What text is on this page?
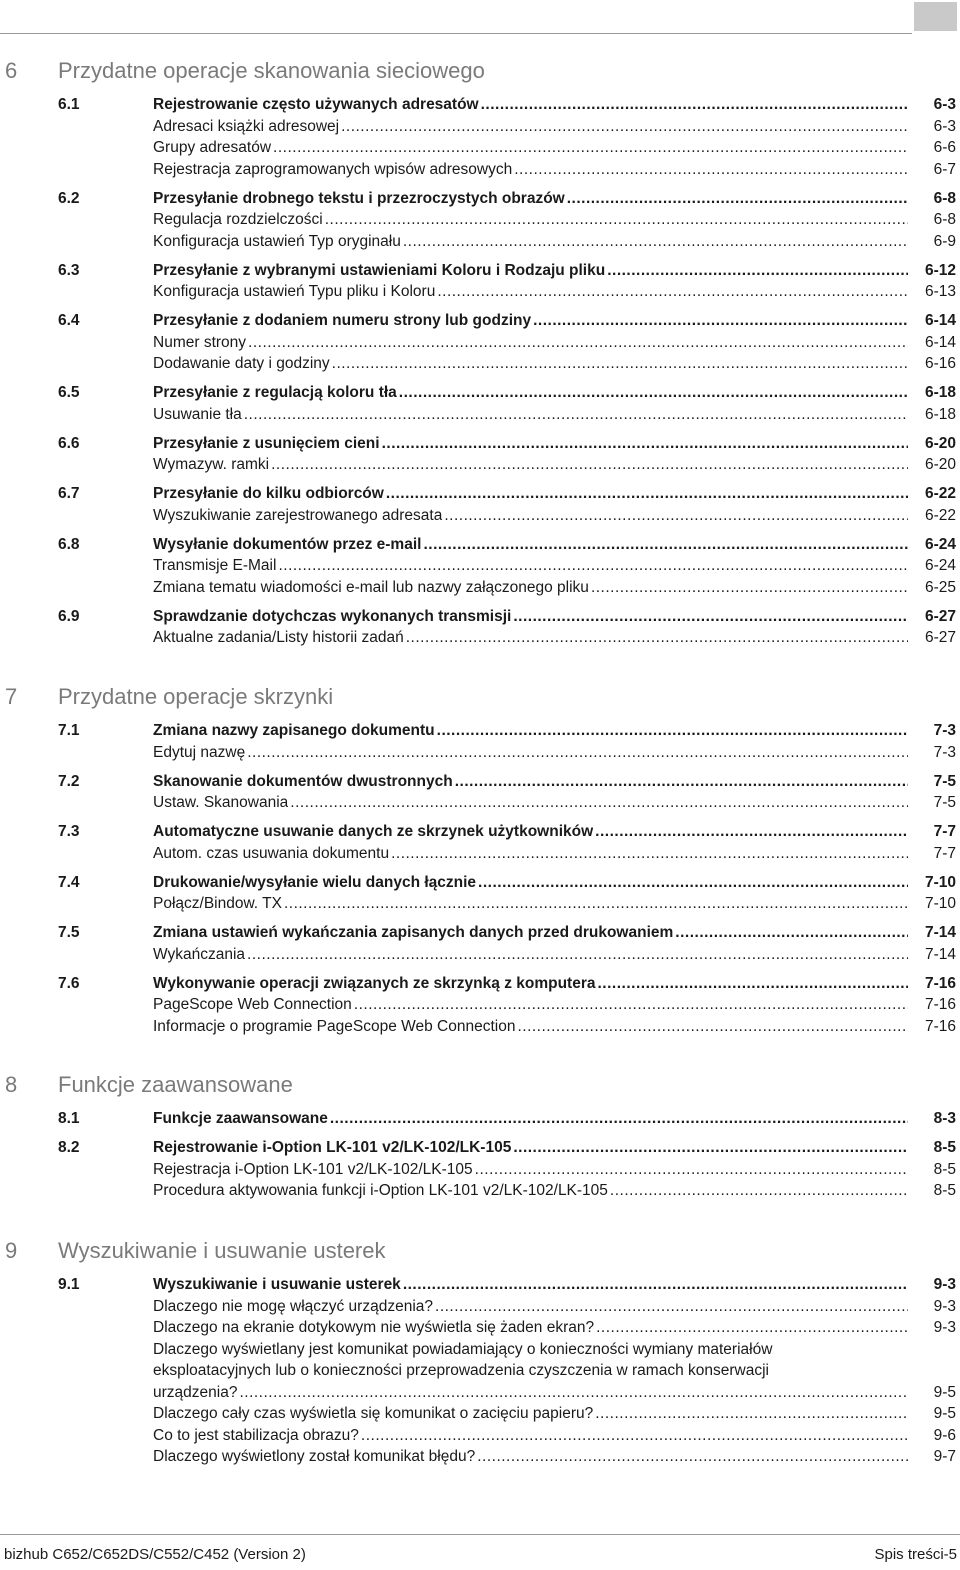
6	Przydatne operacje skanowania sieciowego
6.1	Rejestrowanie często używanych adresatów .....	6-3
Adresaci książki adresowej .....	6-3
Grupy adresatów .....	6-6
Rejestracja zaprogramowanych wpisów adresowych .....	6-7
6.2	Przesyłanie drobnego tekstu i przezroczystych obrazów .....	6-8
Regulacja rozdzielczości .....	6-8
Konfiguracja ustawień Typ oryginału .....	6-9
6.3	Przesyłanie z wybranymi ustawieniami Koloru i Rodzaju pliku .....	6-12
Konfiguracja ustawień Typu pliku i Koloru .....	6-13
6.4	Przesyłanie z dodaniem numeru strony lub godziny .....	6-14
Numer strony .....	6-14
Dodawanie daty i godziny .....	6-16
6.5	Przesyłanie z regulacją koloru tła .....	6-18
Usuwanie tła .....	6-18
6.6	Przesyłanie z usunięciem cieni .....	6-20
Wymazyw. ramki .....	6-20
6.7	Przesyłanie do kilku odbiorców .....	6-22
Wyszukiwanie zarejestrowanego adresata .....	6-22
6.8	Wysyłanie dokumentów przez e-mail .....	6-24
Transmisje E-Mail .....	6-24
Zmiana tematu wiadomości e-mail lub nazwy załączonego pliku .....	6-25
6.9	Sprawdzanie dotychczas wykonanych transmisji .....	6-27
Aktualne zadania/Listy historii zadań .....	6-27
7	Przydatne operacje skrzynki
7.1	Zmiana nazwy zapisanego dokumentu .....	7-3
Edytuj nazwę .....	7-3
7.2	Skanowanie dokumentów dwustronnych .....	7-5
Ustaw. Skanowania .....	7-5
7.3	Automatyczne usuwanie danych ze skrzynek użytkowników .....	7-7
Autom. czas usuwania dokumentu .....	7-7
7.4	Drukowanie/wysyłanie wielu danych łącznie .....	7-10
Połącz/Bindow. TX .....	7-10
7.5	Zmiana ustawień wykańczania zapisanych danych przed drukowaniem .....	7-14
Wykańczania .....	7-14
7.6	Wykonywanie operacji związanych ze skrzynką z komputera .....	7-16
PageScope Web Connection .....	7-16
Informacje o programie PageScope Web Connection .....	7-16
8	Funkcje zaawansowane
8.1	Funkcje zaawansowane .....	8-3
8.2	Rejestrowanie i-Option LK-101 v2/LK-102/LK-105 .....	8-5
Rejestracja i-Option LK-101 v2/LK-102/LK-105 .....	8-5
Procedura aktywowania funkcji i-Option LK-101 v2/LK-102/LK-105 .....	8-5
9	Wyszukiwanie i usuwanie usterek
9.1	Wyszukiwanie i usuwanie usterek .....	9-3
Dlaczego nie mogę włączyć urządzenia? .....	9-3
Dlaczego na ekranie dotykowym nie wyświetla się żaden ekran? .....	9-3
Dlaczego wyświetlany jest komunikat powiadamiający o konieczności wymiany materiałów
eksploatacyjnych lub o konieczności przeprowadzenia czyszczenia w ramach konserwacji
urządzenia? .....	9-5
Dlaczego cały czas wyświetla się komunikat o zacięciu papieru? .....	9-5
Co to jest stabilizacja obrazu? .....	9-6
Dlaczego wyświetlony został komunikat błędu? .....	9-7
bizhub C652/C652DS/C552/C452 (Version 2)	Spis treści-5
